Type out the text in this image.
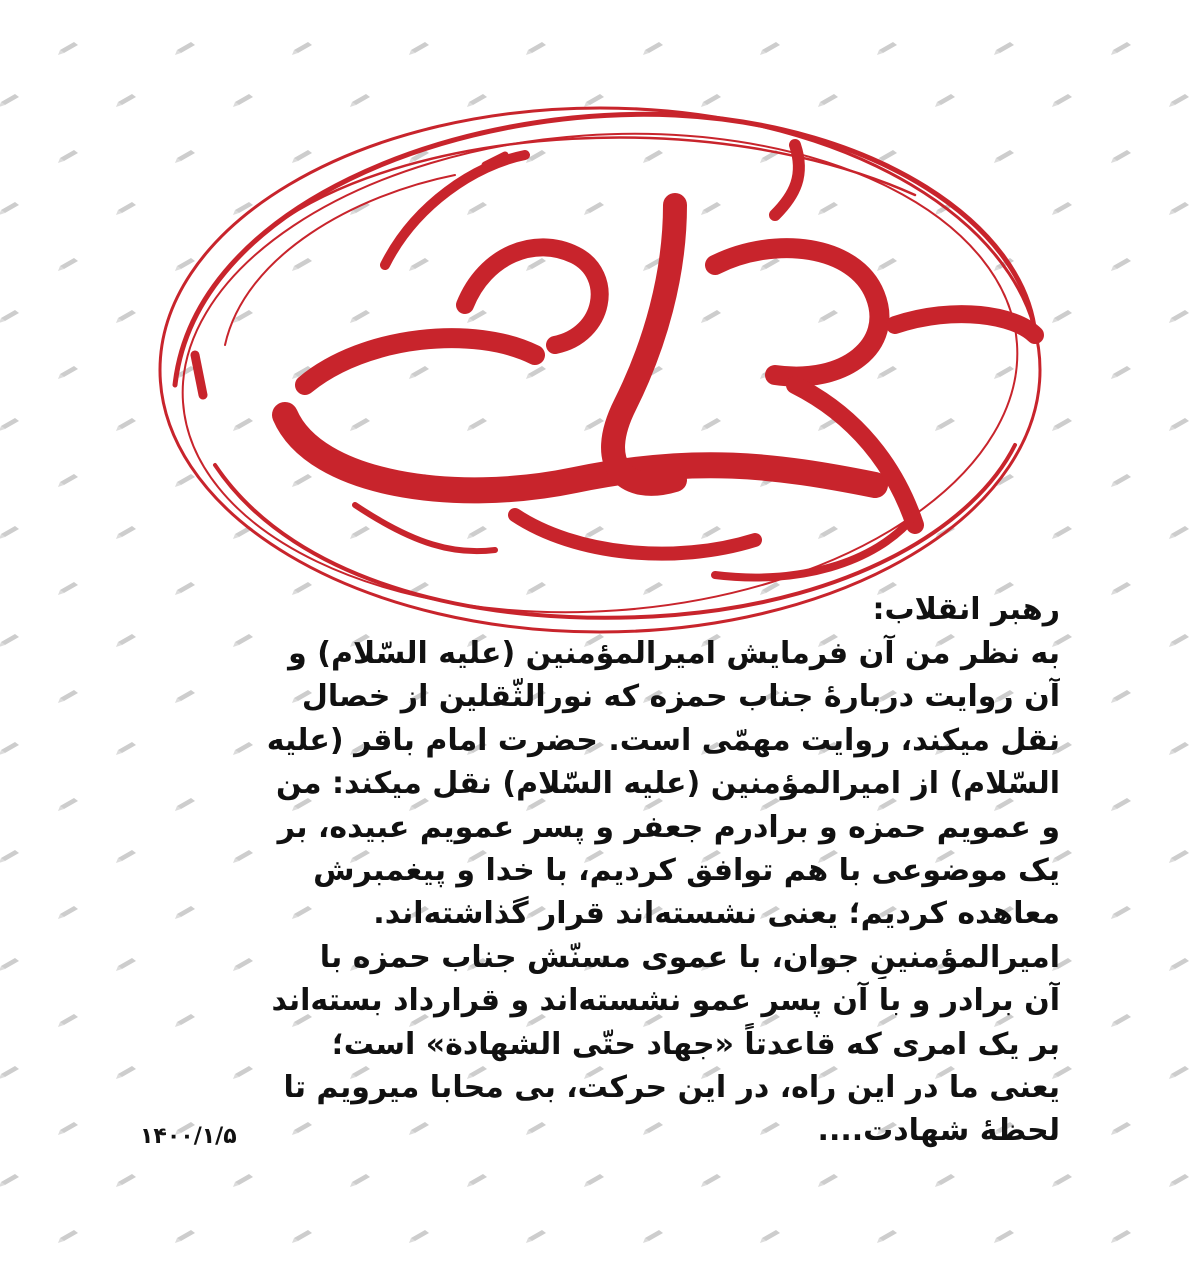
رهبر انقلاب:
به نظر من آن فرمایش امیرالمؤمنین (علیه السّلام) و
آن روایت دربارهٔ جناب حمزه که نورالثّقلین از خصال
نقل میکند، روایت مهمّی است. حضرت امام باقر (علیه
السّلام) از امیرالمؤمنین (علیه السّلام) نقل میکند: من
و عمویم حمزه و برادرم جعفر و پسر عمویم عبیده، بر
یک موضوعی با هم توافق کردیم، با خدا و پیغمبرش
معاهده کردیم؛ یعنی نشسته‌اند قرار گذاشته‌اند.
امیرالمؤمنینِ جوان، با عموی مسنّش جناب حمزه با
آن برادر و با آن پسر عمو نشسته‌اند و قرارداد بسته‌اند
بر یک امری که قاعدتاً «جهاد حتّی الشهادة» است؛
یعنی ما در این راه، در این حرکت، بی محابا میرویم تا
لحظهٔ شهادت....
۱۴۰۰/۱/۵
